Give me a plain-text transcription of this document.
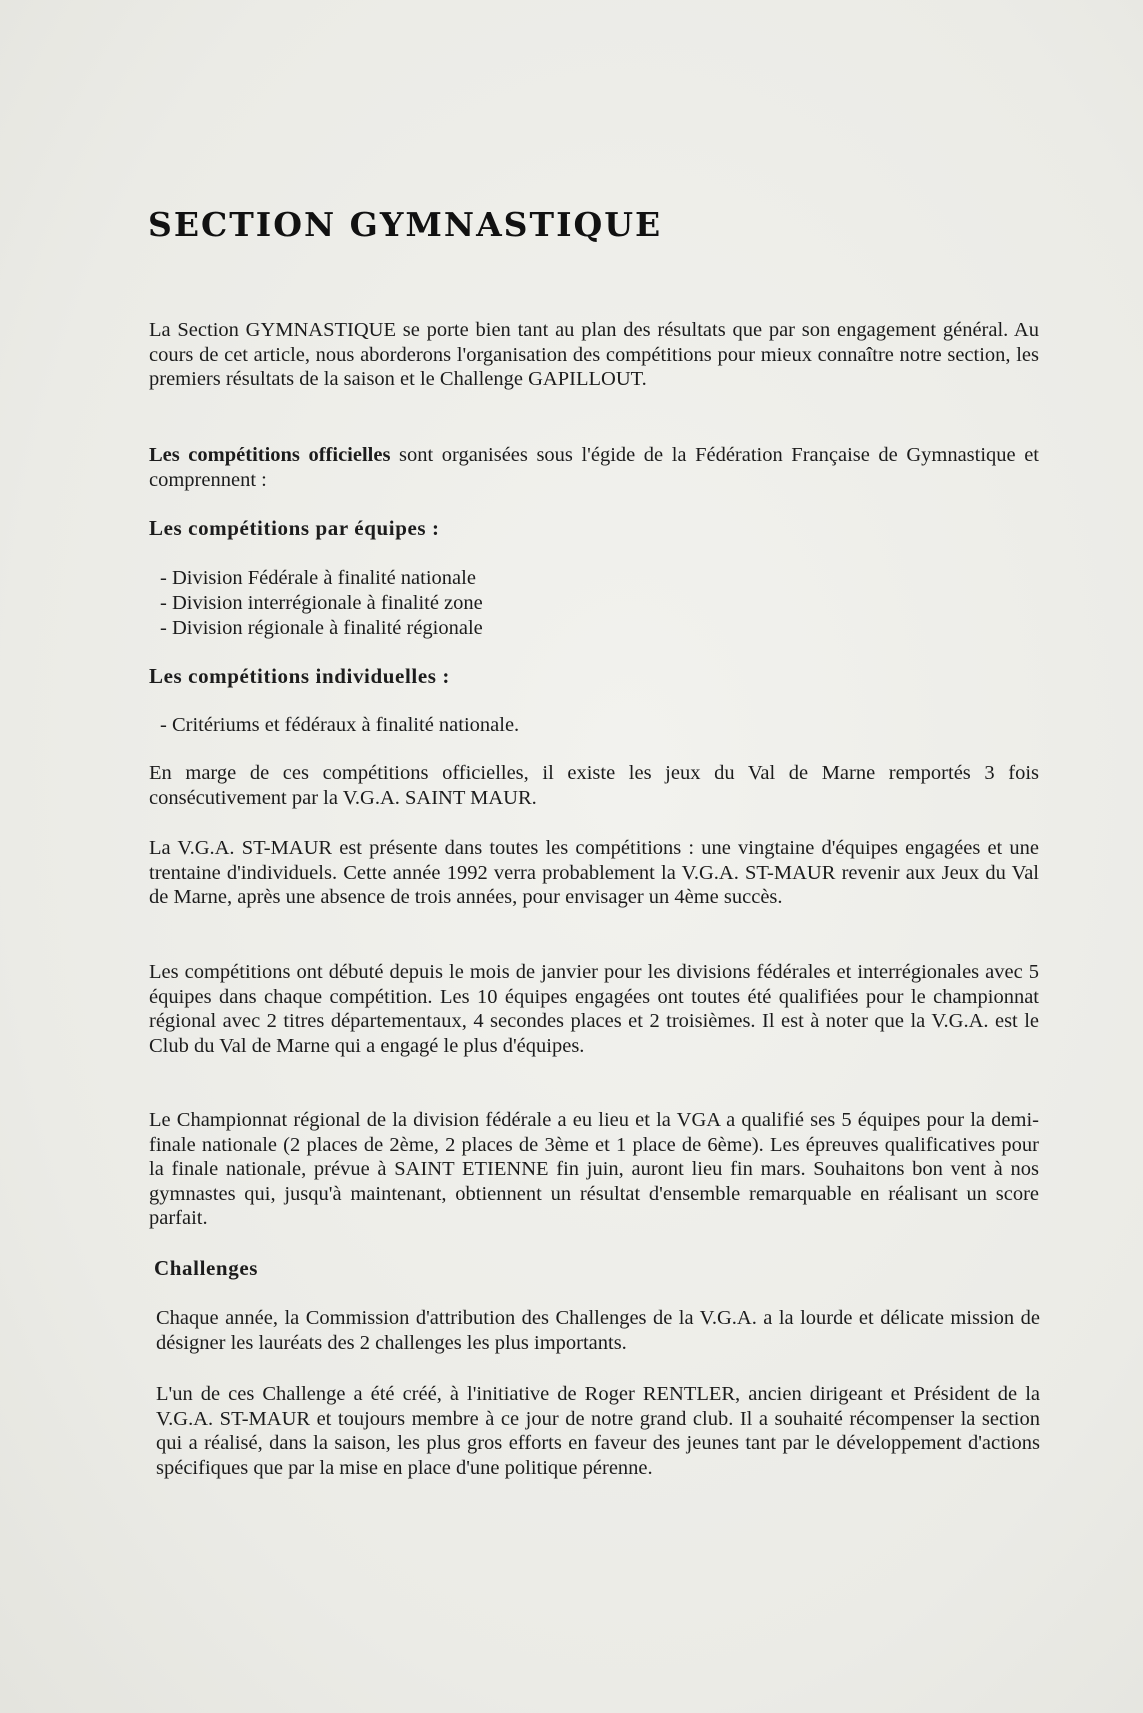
SECTION GYMNASTIQUE

La Section GYMNASTIQUE se porte bien tant au plan des résultats que par son engagement général. Au cours de cet article, nous aborderons l'organisation des compétitions pour mieux connaître notre section, les premiers résultats de la saison et le Challenge GAPILLOUT.

Les compétitions officielles sont organisées sous l'égide de la Fédération Française de Gymnastique et comprennent :

Les compétitions par équipes :
- Division Fédérale à finalité nationale
- Division interrégionale à finalité zone
- Division régionale à finalité régionale
Les compétitions individuelles :
- Critériums et fédéraux à finalité nationale.

En marge de ces compétitions officielles, il existe les jeux du Val de Marne remportés 3 fois consécutivement par la V.G.A. SAINT MAUR.

La V.G.A. ST-MAUR est présente dans toutes les compétitions : une vingtaine d'équipes engagées et une trentaine d'individuels. Cette année 1992 verra probablement la V.G.A. ST-MAUR revenir aux Jeux du Val de Marne, après une absence de trois années, pour envisager un 4ème succès.

Les compétitions ont débuté depuis le mois de janvier pour les divisions fédérales et interrégionales avec 5 équipes dans chaque compétition. Les 10 équipes engagées ont toutes été qualifiées pour le championnat régional avec 2 titres départementaux, 4 secondes places et 2 troisièmes. Il est à noter que la V.G.A. est le Club du Val de Marne qui a engagé le plus d'équipes.

Le Championnat régional de la division fédérale a eu lieu et la VGA a qualifié ses 5 équipes pour la demi-finale nationale (2 places de 2ème, 2 places de 3ème et 1 place de 6ème). Les épreuves qualificatives pour la finale nationale, prévue à SAINT ETIENNE fin juin, auront lieu fin mars. Souhaitons bon vent à nos gymnastes qui, jusqu'à maintenant, obtiennent un résultat d'ensemble remarquable en réalisant un score parfait.

Challenges

Chaque année, la Commission d'attribution des Challenges de la V.G.A. a la lourde et délicate mission de désigner les lauréats des 2 challenges les plus importants.

L'un de ces Challenge a été créé, à l'initiative de Roger RENTLER, ancien dirigeant et Président de la V.G.A. ST-MAUR et toujours membre à ce jour de notre grand club. Il a souhaité récompenser la section qui a réalisé, dans la saison, les plus gros efforts en faveur des jeunes tant par le développement d'actions spécifiques que par la mise en place d'une politique pérenne.
